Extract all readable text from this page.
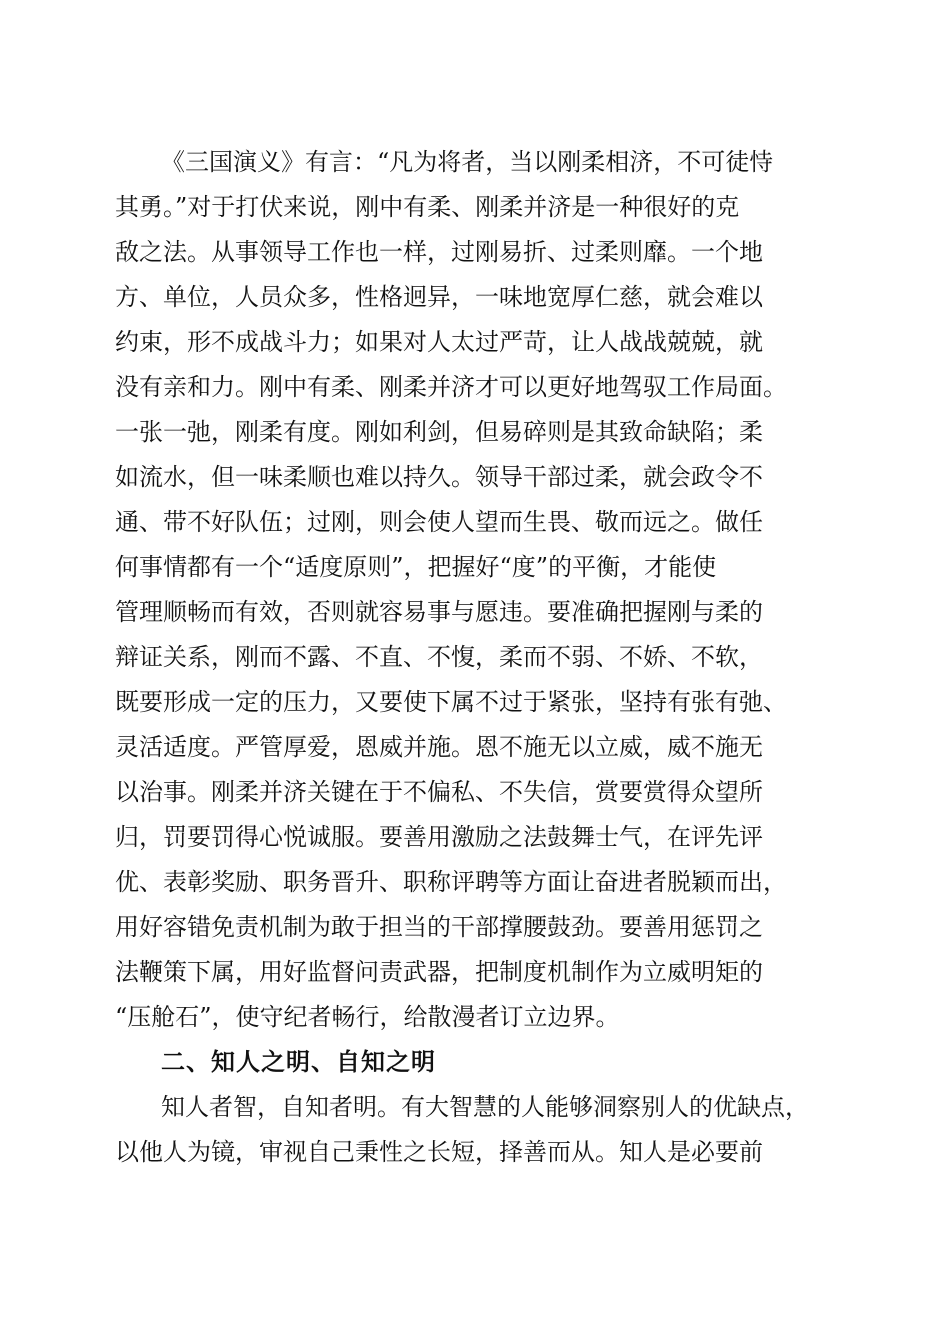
《三国演义》有言：“凡为将者，当以刚柔相济，不可徒恃
其勇。”对于打伏来说，刚中有柔、刚柔并济是一种很好的克
敌之法。从事领导工作也一样，过刚易折、过柔则靡。一个地
方、单位，人员众多，性格迥异，一味地宽厚仁慈，就会难以
约束，形不成战斗力；如果对人太过严苛，让人战战兢兢，就
没有亲和力。刚中有柔、刚柔并济才可以更好地驾驭工作局面。
一张一弛，刚柔有度。刚如利剑，但易碎则是其致命缺陷；柔
如流水，但一味柔顺也难以持久。领导干部过柔，就会政令不
通、带不好队伍；过刚，则会使人望而生畏、敬而远之。做任
何事情都有一个“适度原则”，把握好“度”的平衡，才能使
管理顺畅而有效，否则就容易事与愿违。要准确把握刚与柔的
辩证关系，刚而不露、不直、不愎，柔而不弱、不娇、不软，
既要形成一定的压力，又要使下属不过于紧张，坚持有张有弛、
灵活适度。严管厚爱，恩威并施。恩不施无以立威，威不施无
以治事。刚柔并济关键在于不偏私、不失信，赏要赏得众望所
归，罚要罚得心悦诚服。要善用激励之法鼓舞士气，在评先评
优、表彰奖励、职务晋升、职称评聘等方面让奋进者脱颖而出，
用好容错免责机制为敢于担当的干部撑腰鼓劲。要善用惩罚之
法鞭策下属，用好监督问责武器，把制度机制作为立威明矩的
“压舱石”，使守纪者畅行，给散漫者订立边界。
二、知人之明、自知之明
知人者智，自知者明。有大智慧的人能够洞察别人的优缺点，
以他人为镜，审视自己秉性之长短，择善而从。知人是必要前
